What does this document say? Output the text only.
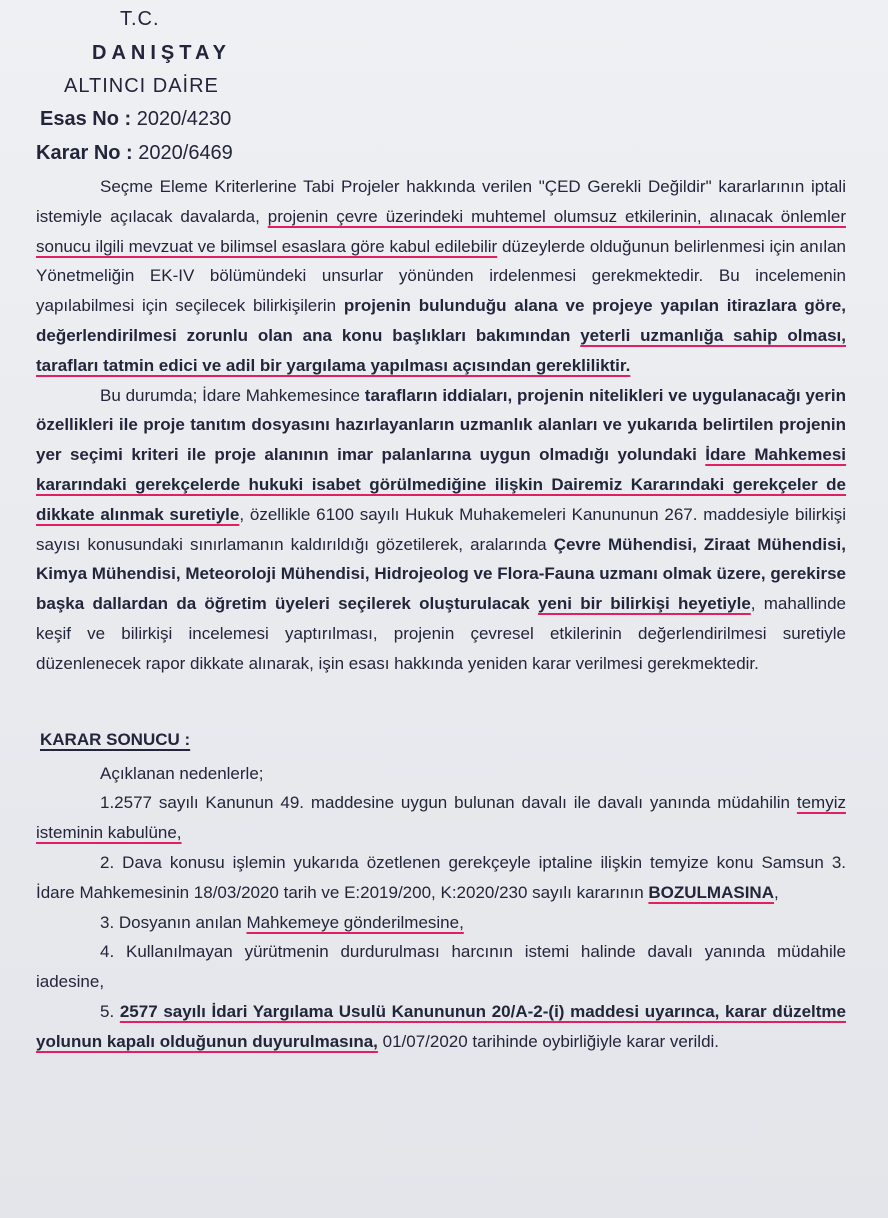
T.C.
DANIŞTAY
ALTINCI DAİRE
Esas No : 2020/4230
Karar No : 2020/6469

Seçme Eleme Kriterlerine Tabi Projeler hakkında verilen "ÇED Gerekli Değildir" kararlarının iptali istemiyle açılacak davalarda, projenin çevre üzerindeki muhtemel olumsuz etkilerinin, alınacak önlemler sonucu ilgili mevzuat ve bilimsel esaslara göre kabul edilebilir düzeylerde olduğunun belirlenmesi için anılan Yönetmeliğin EK-IV bölümündeki unsurlar yönünden irdelenmesi gerekmektedir. Bu incelemenin yapılabilmesi için seçilecek bilirkişilerin projenin bulunduğu alana ve projeye yapılan itirazlara göre, değerlendirilmesi zorunlu olan ana konu başlıkları bakımından yeterli uzmanlığa sahip olması, tarafları tatmin edici ve adil bir yargılama yapılması açısından gerekliliktir.

Bu durumda; İdare Mahkemesince tarafların iddiaları, projenin nitelikleri ve uygulanacağı yerin özellikleri ile proje tanıtım dosyasını hazırlayanların uzmanlık alanları ve yukarıda belirtilen projenin yer seçimi kriteri ile proje alanının imar palanlarına uygun olmadığı yolundaki İdare Mahkemesi kararındaki gerekçelerde hukuki isabet görülmediğine ilişkin Dairemiz Kararındaki gerekçeler de dikkate alınmak suretiyle, özellikle 6100 sayılı Hukuk Muhakemeleri Kanununun 267. maddesiyle bilirkişi sayısı konusundaki sınırlamanın kaldırıldığı gözetilerek, aralarında Çevre Mühendisi, Ziraat Mühendisi, Kimya Mühendisi, Meteoroloji Mühendisi, Hidrojeolog ve Flora-Fauna uzmanı olmak üzere, gerekirse başka dallardan da öğretim üyeleri seçilerek oluşturulacak yeni bir bilirkişi heyetiyle, mahallinde keşif ve bilirkişi incelemesi yaptırılması, projenin çevresel etkilerinin değerlendirilmesi suretiyle düzenlenecek rapor dikkate alınarak, işin esası hakkında yeniden karar verilmesi gerekmektedir.

KARAR SONUCU :

Açıklanan nedenlerle;

1.2577 sayılı Kanunun 49. maddesine uygun bulunan davalı ile davalı yanında müdahilin temyiz isteminin kabulüne,

2. Dava konusu işlemin yukarıda özetlenen gerekçeyle iptaline ilişkin temyize konu Samsun 3. İdare Mahkemesinin 18/03/2020 tarih ve E:2019/200, K:2020/230 sayılı kararının BOZULMASINA,

3. Dosyanın anılan Mahkemeye gönderilmesine,

4. Kullanılmayan yürütmenin durdurulması harcının istemi halinde davalı yanında müdahile iadesine,

5. 2577 sayılı İdari Yargılama Usulü Kanununun 20/A-2-(i) maddesi uyarınca, karar düzeltme yolunun kapalı olduğunun duyurulmasına, 01/07/2020 tarihinde oybirliğiyle karar verildi.
